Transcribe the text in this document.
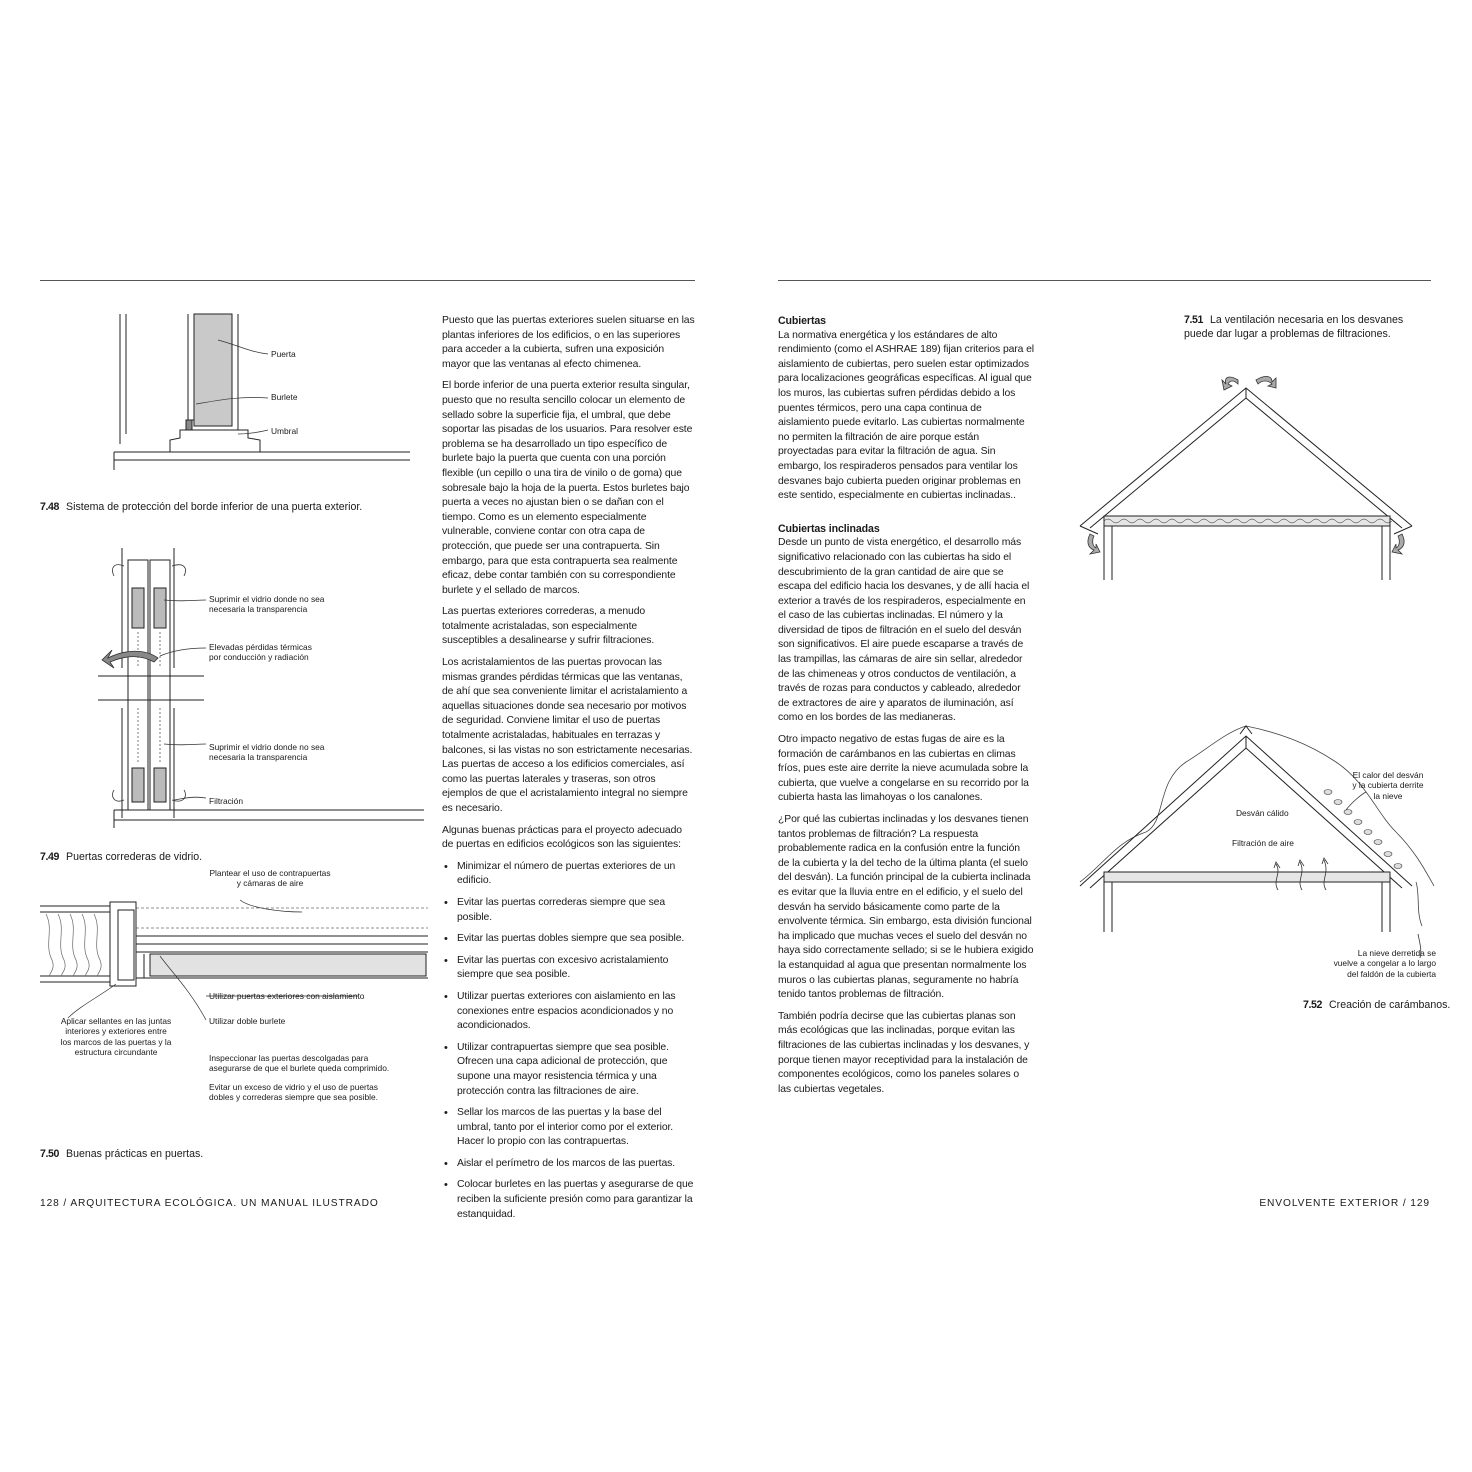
Puerta
Burlete
Umbral
7.48 Sistema de protección del borde inferior de una puerta exterior.
Suprimir el vidrio donde no sea
necesaria la transparencia
Elevadas pérdidas térmicas
por conducción y radiación
Suprimir el vidrio donde no sea
necesaria la transparencia
Filtración
7.49 Puertas correderas de vidrio.
Plantear el uso de contrapuertas
y cámaras de aire
Utilizar puertas exteriores con aislamiento
Utilizar doble burlete
Aplicar sellantes en las juntas
interiores y exteriores entre
los marcos de las puertas y la
estructura circundante
Inspeccionar las puertas descolgadas para
asegurarse de que el burlete queda comprimido.
Evitar un exceso de vidrio y el uso de puertas
dobles y correderas siempre que sea posible.
7.50 Buenas prácticas en puertas.

Puesto que las puertas exteriores suelen situarse en las plantas inferiores de los edificios, o en las superiores para acceder a la cubierta, sufren una exposición mayor que las ventanas al efecto chimenea.

El borde inferior de una puerta exterior resulta singular, puesto que no resulta sencillo colocar un elemento de sellado sobre la superficie fija, el umbral, que debe soportar las pisadas de los usuarios. Para resolver este problema se ha desarrollado un tipo específico de burlete bajo la puerta que cuenta con una porción flexible (un cepillo o una tira de vinilo o de goma) que sobresale bajo la hoja de la puerta. Estos burletes bajo puerta a veces no ajustan bien o se dañan con el tiempo. Como es un elemento especialmente vulnerable, conviene contar con otra capa de protección, que puede ser una contrapuerta. Sin embargo, para que esta contrapuerta sea realmente eficaz, debe contar también con su correspondiente burlete y el sellado de marcos.

Las puertas exteriores correderas, a menudo totalmente acristaladas, son especialmente susceptibles a desalinearse y sufrir filtraciones.

Los acristalamientos de las puertas provocan las mismas grandes pérdidas térmicas que las ventanas, de ahí que sea conveniente limitar el acristalamiento a aquellas situaciones donde sea necesario por motivos de seguridad. Conviene limitar el uso de puertas totalmente acristaladas, habituales en terrazas y balcones, si las vistas no son estrictamente necesarias. Las puertas de acceso a los edificios comerciales, así como las puertas laterales y traseras, son otros ejemplos de que el acristalamiento integral no siempre es necesario.

Algunas buenas prácticas para el proyecto adecuado de puertas en edificios ecológicos son las siguientes:

• Minimizar el número de puertas exteriores de un edificio.
• Evitar las puertas correderas siempre que sea posible.
• Evitar las puertas dobles siempre que sea posible.
• Evitar las puertas con excesivo acristalamiento siempre que sea posible.
• Utilizar puertas exteriores con aislamiento en las conexiones entre espacios acondicionados y no acondicionados.
• Utilizar contrapuertas siempre que sea posible. Ofrecen una capa adicional de protección, que supone una mayor resistencia térmica y una protección contra las filtraciones de aire.
• Sellar los marcos de las puertas y la base del umbral, tanto por el interior como por el exterior. Hacer lo propio con las contrapuertas.
• Aislar el perímetro de los marcos de las puertas.
• Colocar burletes en las puertas y asegurarse de que reciben la suficiente presión como para garantizar la estanquidad.
Cubiertas

La normativa energética y los estándares de alto rendimiento (como el ASHRAE 189) fijan criterios para el aislamiento de cubiertas, pero suelen estar optimizados para localizaciones geográficas específicas. Al igual que los muros, las cubiertas sufren pérdidas debido a los puentes térmicos, pero una capa continua de aislamiento puede evitarlo. Las cubiertas normalmente no permiten la filtración de aire porque están proyectadas para evitar la filtración de agua. Sin embargo, los respiraderos pensados para ventilar los desvanes bajo cubierta pueden originar problemas en este sentido, especialmente en cubiertas inclinadas..

Cubiertas inclinadas

Desde un punto de vista energético, el desarrollo más significativo relacionado con las cubiertas ha sido el descubrimiento de la gran cantidad de aire que se escapa del edificio hacia los desvanes, y de allí hacia el exterior a través de los respiraderos, especialmente en el caso de las cubiertas inclinadas. El número y la diversidad de tipos de filtración en el suelo del desván son significativos. El aire puede escaparse a través de las trampillas, las cámaras de aire sin sellar, alrededor de las chimeneas y otros conductos de ventilación, a través de rozas para conductos y cableado, alrededor de extractores de aire y aparatos de iluminación, así como en los bordes de las medianeras.

Otro impacto negativo de estas fugas de aire es la formación de carámbanos en las cubiertas en climas fríos, pues este aire derrite la nieve acumulada sobre la cubierta, que vuelve a congelarse en su recorrido por la cubierta hasta las limahoyas o los canalones.

¿Por qué las cubiertas inclinadas y los desvanes tienen tantos problemas de filtración? La respuesta probablemente radica en la confusión entre la función de la cubierta y la del techo de la última planta (el suelo del desván). La función principal de la cubierta inclinada es evitar que la lluvia entre en el edificio, y el suelo del desván ha servido básicamente como parte de la envolvente térmica. Sin embargo, esta división funcional ha implicado que muchas veces el suelo del desván no haya sido correctamente sellado; si se le hubiera exigido la estanquidad al agua que presentan normalmente los muros o las cubiertas planas, seguramente no habría tenido tantos problemas de filtración.

También podría decirse que las cubiertas planas son más ecológicas que las inclinadas, porque evitan las filtraciones de las cubiertas inclinadas y los desvanes, y porque tienen mayor receptividad para la instalación de componentes ecológicos, como los paneles solares o las cubiertas vegetales.

7.51 La ventilación necesaria en los desvanes puede dar lugar a problemas de filtraciones.
El calor del desván
y la cubierta derrite
la nieve
Desván cálido
Filtración de aire
La nieve derretida se
vuelve a congelar a lo largo
del faldón de la cubierta
7.52 Creación de carámbanos.
128 / ARQUITECTURA ECOLÓGICA. UN MANUAL ILUSTRADO	ENVOLVENTE EXTERIOR / 129
